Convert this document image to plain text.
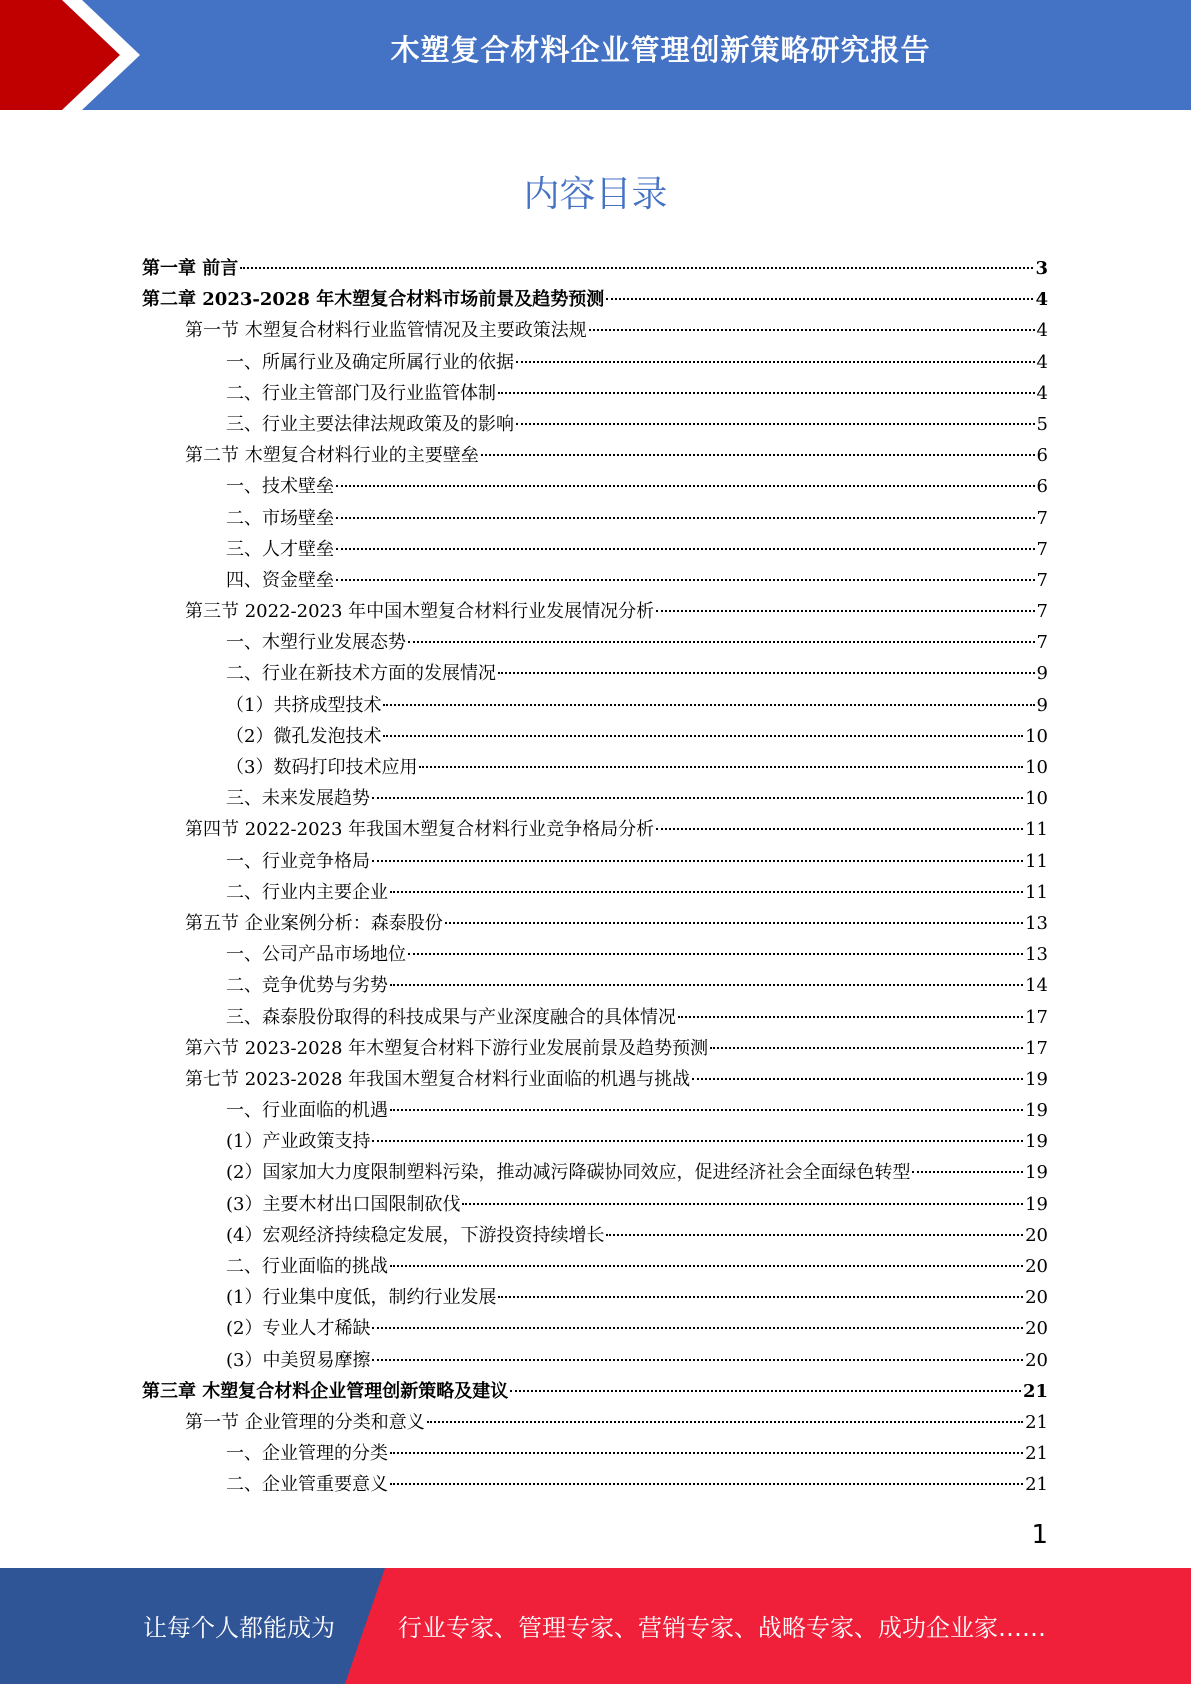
木塑复合材料企业管理创新策略研究报告
内容目录
第一章 前言	3
第二章 2023-2028 年木塑复合材料市场前景及趋势预测	4
第一节 木塑复合材料行业监管情况及主要政策法规	4
一、所属行业及确定所属行业的依据	4
二、行业主管部门及行业监管体制	4
三、行业主要法律法规政策及的影响	5
第二节 木塑复合材料行业的主要壁垒	6
一、技术壁垒	6
二、市场壁垒	7
三、人才壁垒	7
四、资金壁垒	7
第三节 2022-2023 年中国木塑复合材料行业发展情况分析	7
一、木塑行业发展态势	7
二、行业在新技术方面的发展情况	9
（1）共挤成型技术	9
（2）微孔发泡技术	10
（3）数码打印技术应用	10
三、未来发展趋势	10
第四节 2022-2023 年我国木塑复合材料行业竞争格局分析	11
一、行业竞争格局	11
二、行业内主要企业	11
第五节 企业案例分析：森泰股份	13
一、公司产品市场地位	13
二、竞争优势与劣势	14
三、森泰股份取得的科技成果与产业深度融合的具体情况	17
第六节 2023-2028 年木塑复合材料下游行业发展前景及趋势预测	17
第七节 2023-2028 年我国木塑复合材料行业面临的机遇与挑战	19
一、行业面临的机遇	19
(1）产业政策支持	19
(2）国家加大力度限制塑料污染，推动减污降碳协同效应，促进经济社会全面绿色转型	19
(3）主要木材出口国限制砍伐	19
(4）宏观经济持续稳定发展，下游投资持续增长	20
二、行业面临的挑战	20
(1）行业集中度低，制约行业发展	20
(2）专业人才稀缺	20
(3）中美贸易摩擦	20
第三章 木塑复合材料企业管理创新策略及建议	21
第一节 企业管理的分类和意义	21
一、企业管理的分类	21
二、企业管重要意义	21
1
让每个人都能成为	行业专家、管理专家、营销专家、战略专家、成功企业家……
